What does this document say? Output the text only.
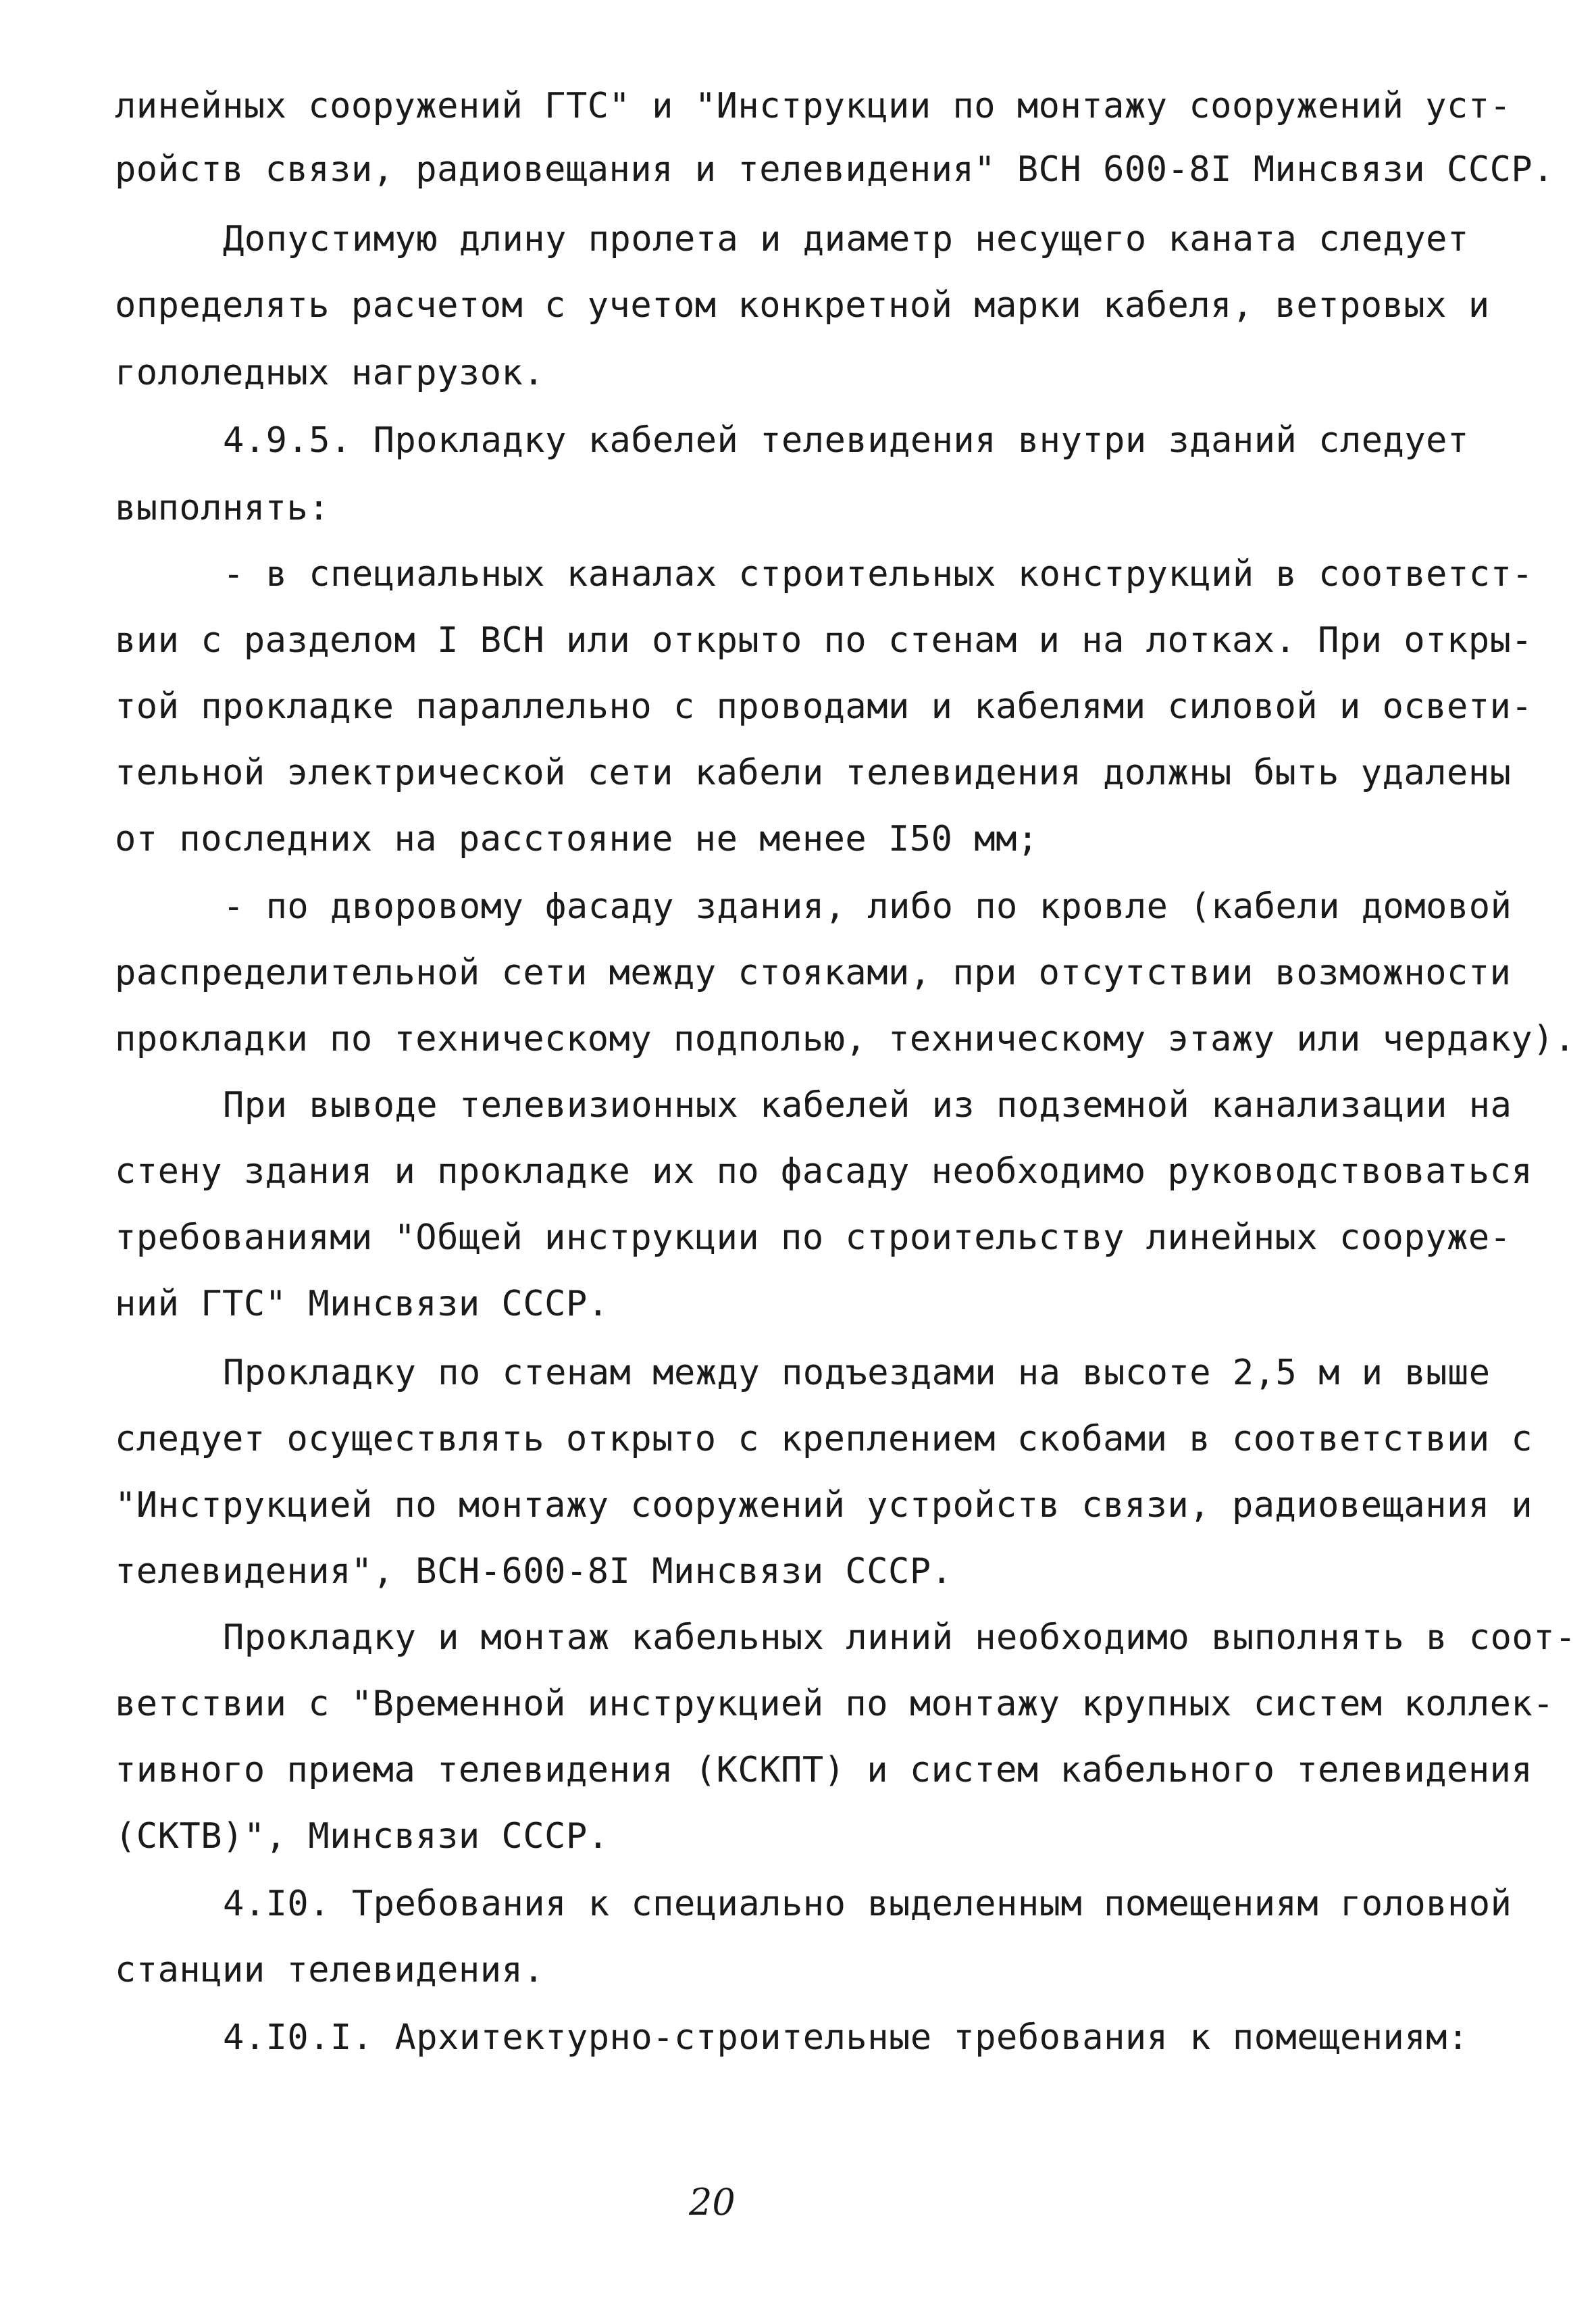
линейных сооружений ГТС" и "Инструкции по монтажу сооружений уст-
ройств связи, радиовещания и телевидения" ВСН 600-8I Минсвязи СССР.
Допустимую длину пролета и диаметр несущего каната следует
определять расчетом с учетом конкретной марки кабеля, ветровых и
гололедных нагрузок.
4.9.5. Прокладку кабелей телевидения внутри зданий следует
выполнять:
- в специальных каналах строительных конструкций в соответст-
вии с разделом I ВСН или открыто по стенам и на лотках. При откры-
той прокладке параллельно с проводами и кабелями силовой и освети-
тельной электрической сети кабели телевидения должны быть удалены
от последних на расстояние не менее I50 мм;
- по дворовому фасаду здания, либо по кровле (кабели домовой
распределительной сети между стояками, при отсутствии возможности
прокладки по техническому подполью, техническому этажу или чердаку).
При выводе телевизионных кабелей из подземной канализации на
стену здания и прокладке их по фасаду необходимо руководствоваться
требованиями "Общей инструкции по строительству линейных сооруже-
ний ГТС" Минсвязи СССР.
Прокладку по стенам между подъездами на высоте 2,5 м и выше
следует осуществлять открыто с креплением скобами в соответствии с
"Инструкцией по монтажу сооружений устройств связи, радиовещания и
телевидения", ВСН-600-8I Минсвязи СССР.
Прокладку и монтаж кабельных линий необходимо выполнять в соот-
ветствии с "Временной инструкцией по монтажу крупных систем коллек-
тивного приема телевидения (КСКПТ) и систем кабельного телевидения
(СКТВ)", Минсвязи СССР.
4.I0. Требования к специально выделенным помещениям головной
станции телевидения.
4.I0.I. Архитектурно-строительные требования к помещениям:
20
